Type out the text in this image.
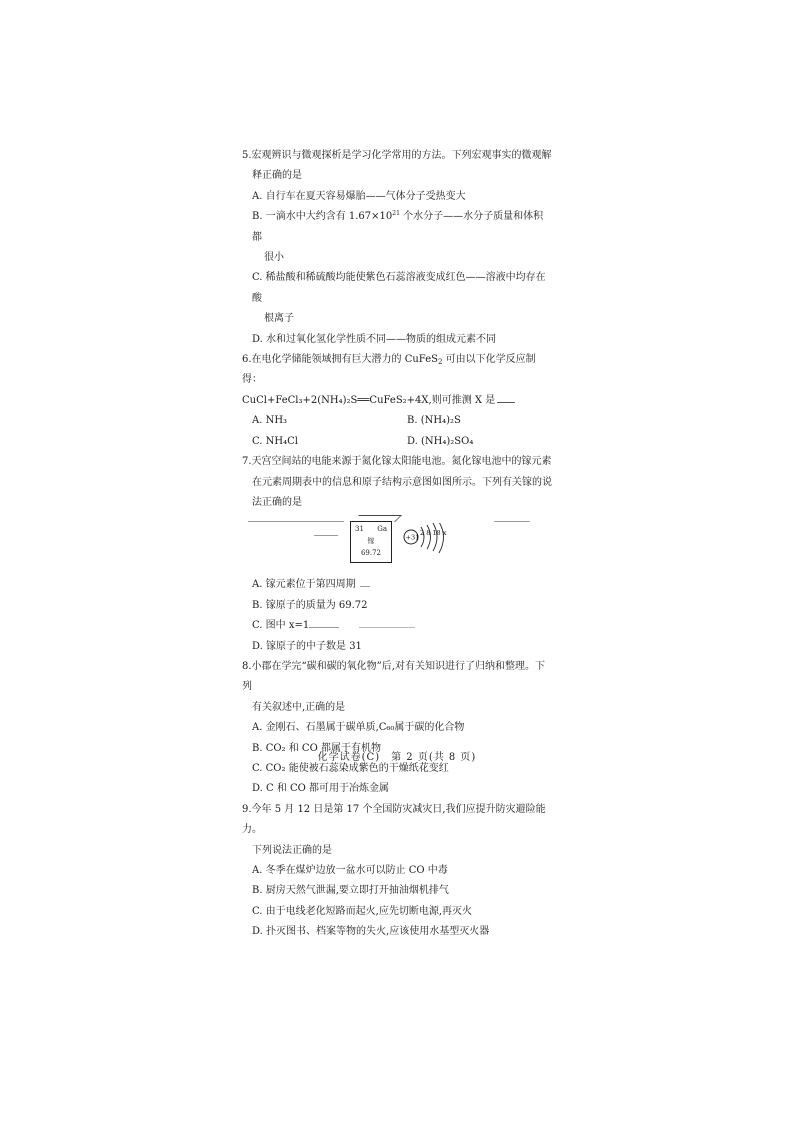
5.宏观辨识与微观探析是学习化学常用的方法。下列宏观事实的微观解

释正确的是

A. 自行车在夏天容易爆胎——气体分子受热变大

B. 一滴水中大约含有 $1.67\times 10^{21}$ 个水分子——水分子质量和体积都

很小

C. 稀盐酸和稀硫酸均能使紫色石蕊溶液变成红色——溶液中均存在酸

根离子

D. 水和过氧化氢化学性质不同——物质的组成元素不同

6.在电化学储能领域拥有巨大潜力的 CuFeS$_2$ 可由以下化学反应制得：

CuCl+FeCl₃+2(NH₄)₂S══CuFeS₂+4X,则可推测 X 是

A. NH₃	B. (NH₄)₂S

C. NH₄Cl	D. (NH₄)₂SO₄

7.天宫空间站的电能来源于氮化镓太阳能电池。氮化镓电池中的镓元素

在元素周期表中的信息和原子结构示意图如图所示。下列有关镓的说

法正确的是

31 Ga
镓
69.72
+31
2 8 18 x

A. 镓元素位于第四周期

B. 镓原子的质量为 69.72

C. 图中 x=1

D. 镓原子的中子数是 31

8.小郡在学完“碳和碳的氧化物”后,对有关知识进行了归纳和整理。下列

有关叙述中,正确的是

A. 金刚石、石墨属于碳单质,C₆₀属于碳的化合物

B. CO₂ 和 CO 都属于有机物

C. CO₂ 能使被石蕊染成紫色的干燥纸花变红

D. C 和 CO 都可用于冶炼金属

9.今年 5 月 12 日是第 17 个全国防灾减灾日,我们应提升防灾避险能力。

下列说法正确的是

A. 冬季在煤炉边放一盆水可以防止 CO 中毒

B. 厨房天然气泄漏,要立即打开抽油烟机排气

C. 由于电线老化短路而起火,应先切断电源,再灭火

D. 扑灭图书、档案等物的失火,应该使用水基型灭火器

化学试卷(C)　第 2 页(共 8 页)
